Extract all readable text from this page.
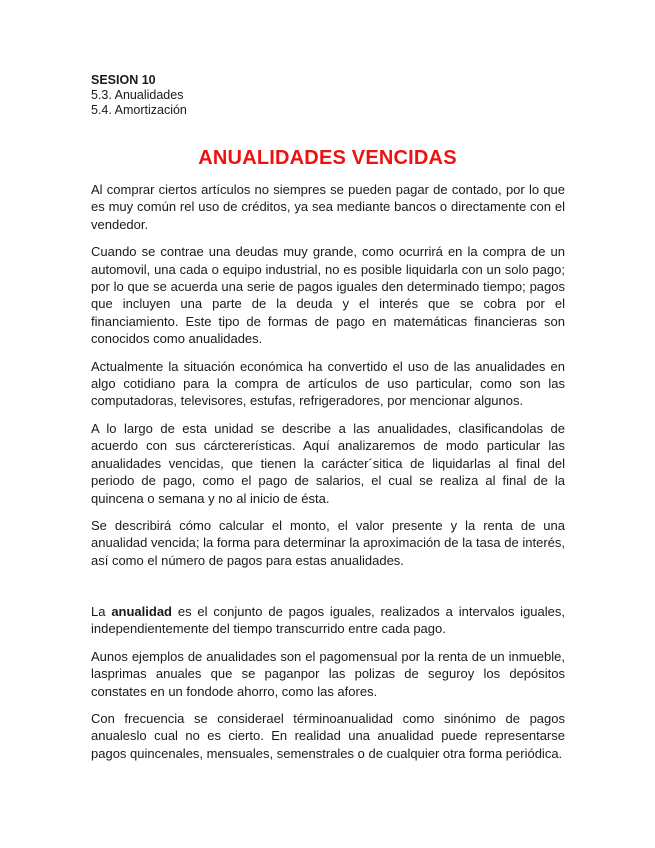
SESION 10
5.3. Anualidades
5.4. Amortización
ANUALIDADES VENCIDAS

Al comprar ciertos artículos no siempres se pueden pagar de contado, por lo que es muy común rel uso de créditos, ya sea mediante bancos o directamente con el vendedor.

Cuando se contrae una deudas muy grande, como ocurrirá en la compra de un automovil, una cada o equipo industrial, no es posible liquidarla con un solo pago; por lo que se acuerda una serie de pagos iguales den determinado tiempo; pagos que incluyen una parte de la deuda y el interés que se cobra por el financiamiento. Este tipo de formas de pago en matemáticas financieras son conocidos como anualidades.

Actualmente la situación económica ha convertido el uso de las anualidades en algo cotidiano para la compra de artículos de uso particular, como son las computadoras, televisores, estufas, refrigeradores, por mencionar algunos.

A lo largo de esta unidad se describe a las anualidades, clasificandolas de acuerdo con sus cárctererísticas. Aquí analizaremos de modo particular las anualidades vencidas, que tienen la carácter´sitica de liquidarlas al final del periodo de pago, como el pago de salarios, el cual se realiza al final de la quincena o semana y no al inicio de ésta.

Se describirá cómo calcular el monto, el valor presente y la renta de una anualidad vencida; la forma para determinar la aproximación de la tasa de interés, así como el número de pagos para estas anualidades.

La anualidad es el conjunto de pagos iguales, realizados a intervalos iguales, independientemente del tiempo transcurrido entre cada pago.

Aunos ejemplos de anualidades son el pagomensual por la renta de un inmueble, lasprimas anuales que se paganpor las polizas de seguroy los depósitos constates en un fondode ahorro, como las afores.

Con frecuencia se considerael términoanualidad como sinónimo de pagos anualeslo cual no es cierto. En realidad una anualidad puede representarse pagos quincenales, mensuales, semenstrales o de cualquier otra forma periódica.
